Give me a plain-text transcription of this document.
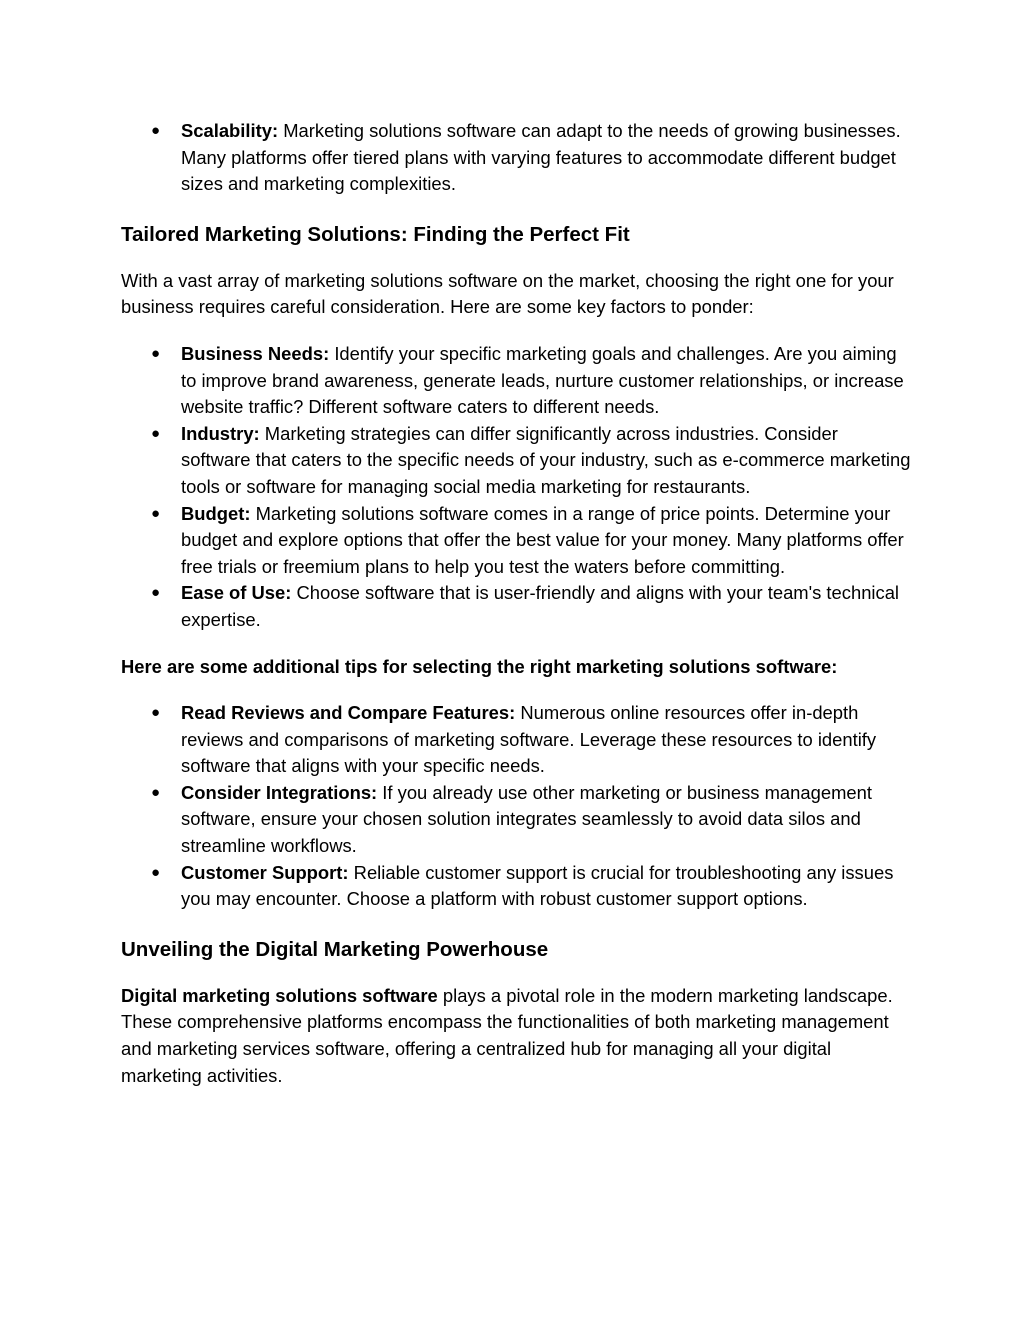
● Scalability: Marketing solutions software can adapt to the needs of growing businesses. Many platforms offer tiered plans with varying features to accommodate different budget sizes and marketing complexities.
Tailored Marketing Solutions: Finding the Perfect Fit

With a vast array of marketing solutions software on the market, choosing the right one for your business requires careful consideration. Here are some key factors to ponder:

● Business Needs: Identify your specific marketing goals and challenges. Are you aiming to improve brand awareness, generate leads, nurture customer relationships, or increase website traffic? Different software caters to different needs.
● Industry: Marketing strategies can differ significantly across industries. Consider software that caters to the specific needs of your industry, such as e-commerce marketing tools or software for managing social media marketing for restaurants.
● Budget: Marketing solutions software comes in a range of price points. Determine your budget and explore options that offer the best value for your money. Many platforms offer free trials or freemium plans to help you test the waters before committing.
● Ease of Use: Choose software that is user-friendly and aligns with your team's technical expertise.

Here are some additional tips for selecting the right marketing solutions software:

● Read Reviews and Compare Features: Numerous online resources offer in-depth reviews and comparisons of marketing software. Leverage these resources to identify software that aligns with your specific needs.
● Consider Integrations: If you already use other marketing or business management software, ensure your chosen solution integrates seamlessly to avoid data silos and streamline workflows.
● Customer Support: Reliable customer support is crucial for troubleshooting any issues you may encounter. Choose a platform with robust customer support options.
Unveiling the Digital Marketing Powerhouse

Digital marketing solutions software plays a pivotal role in the modern marketing landscape. These comprehensive platforms encompass the functionalities of both marketing management and marketing services software, offering a centralized hub for managing all your digital marketing activities.
